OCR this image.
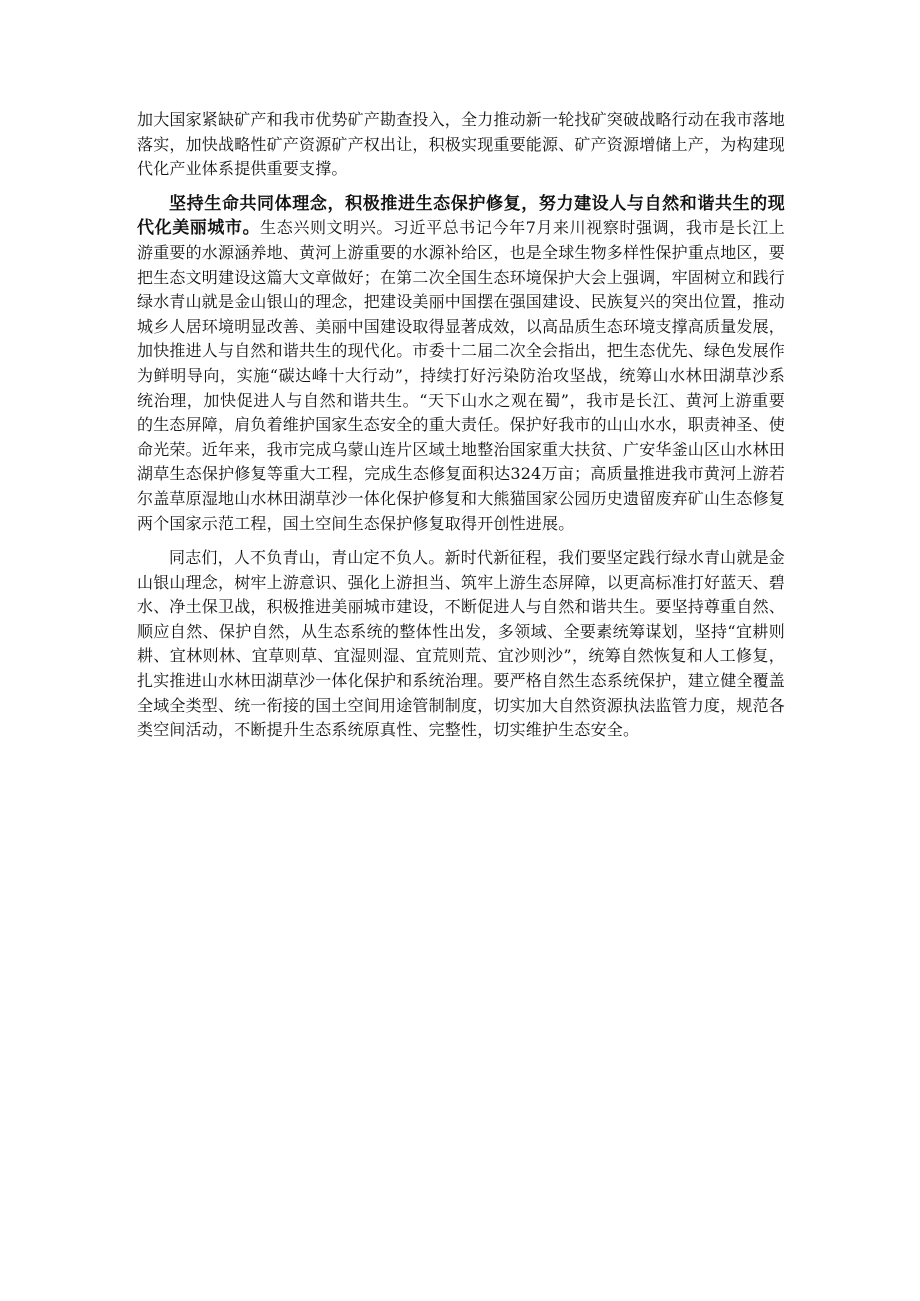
加大国家紧缺矿产和我市优势矿产勘查投入，全力推动新一轮找矿突破战略行动在我市落地落实，加快战略性矿产资源矿产权出让，积极实现重要能源、矿产资源增储上产，为构建现代化产业体系提供重要支撑。

坚持生命共同体理念，积极推进生态保护修复，努力建设人与自然和谐共生的现代化美丽城市。生态兴则文明兴。习近平总书记今年7月来川视察时强调，我市是长江上游重要的水源涵养地、黄河上游重要的水源补给区，也是全球生物多样性保护重点地区，要把生态文明建设这篇大文章做好；在第二次全国生态环境保护大会上强调，牢固树立和践行绿水青山就是金山银山的理念，把建设美丽中国摆在强国建设、民族复兴的突出位置，推动城乡人居环境明显改善、美丽中国建设取得显著成效，以高品质生态环境支撑高质量发展，加快推进人与自然和谐共生的现代化。市委十二届二次全会指出，把生态优先、绿色发展作为鲜明导向，实施“碳达峰十大行动”，持续打好污染防治攻坚战，统筹山水林田湖草沙系统治理，加快促进人与自然和谐共生。“天下山水之观在蜀”，我市是长江、黄河上游重要的生态屏障，肩负着维护国家生态安全的重大责任。保护好我市的山山水水，职责神圣、使命光荣。近年来，我市完成乌蒙山连片区域土地整治国家重大扶贫、广安华釜山区山水林田湖草生态保护修复等重大工程，完成生态修复面积达324万亩；高质量推进我市黄河上游若尔盖草原湿地山水林田湖草沙一体化保护修复和大熊猫国家公园历史遗留废弃矿山生态修复两个国家示范工程，国土空间生态保护修复取得开创性进展。

同志们，人不负青山，青山定不负人。新时代新征程，我们要坚定践行绿水青山就是金山银山理念，树牢上游意识、强化上游担当、筑牢上游生态屏障，以更高标准打好蓝天、碧水、净土保卫战，积极推进美丽城市建设，不断促进人与自然和谐共生。要坚持尊重自然、顺应自然、保护自然，从生态系统的整体性出发，多领域、全要素统筹谋划，坚持“宜耕则耕、宜林则林、宜草则草、宜湿则湿、宜荒则荒、宜沙则沙”，统筹自然恢复和人工修复，扎实推进山水林田湖草沙一体化保护和系统治理。要严格自然生态系统保护，建立健全覆盖全域全类型、统一衔接的国土空间用途管制制度，切实加大自然资源执法监管力度，规范各类空间活动，不断提升生态系统原真性、完整性，切实维护生态安全。
